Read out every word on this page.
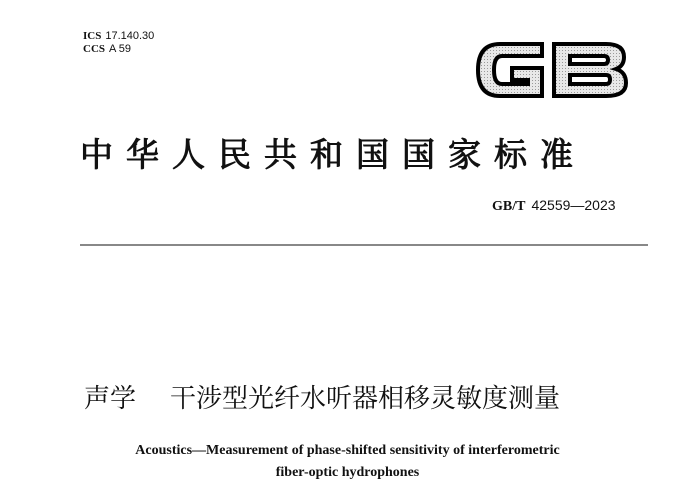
ICS 17.140.30
CCS A 59
中华人民共和国国家标准
GB/T 42559—2023
声学 干涉型光纤水听器相移灵敏度测量
Acoustics—Measurement of phase-shifted sensitivity of interferometric
fiber-optic hydrophones
